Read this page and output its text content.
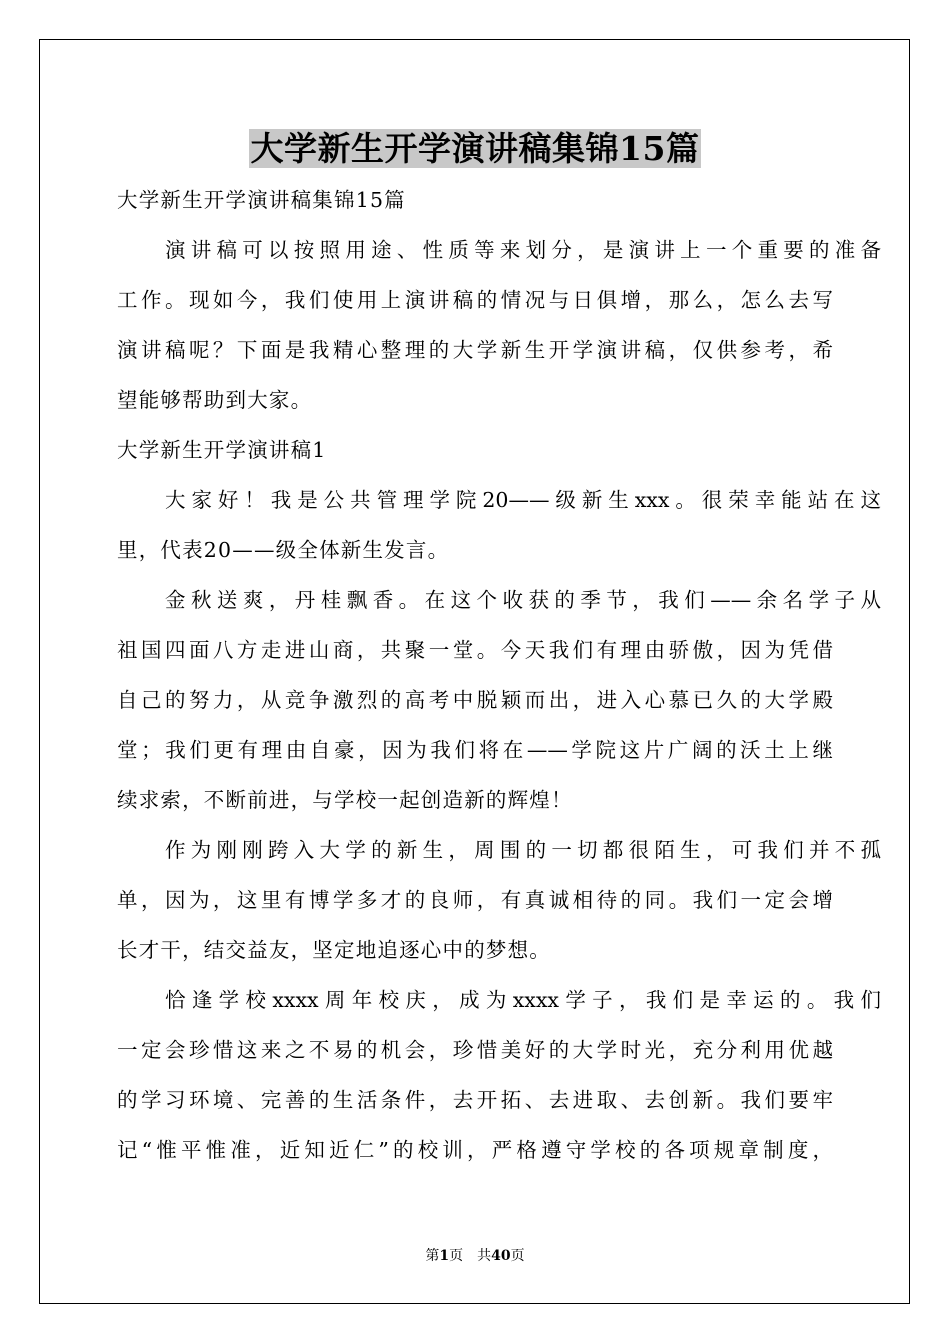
大学新生开学演讲稿集锦15篇
大学新生开学演讲稿集锦15篇
演讲稿可以按照用途、性质等来划分，是演讲上一个重要的准备
工作。现如今，我们使用上演讲稿的情况与日俱增，那么，怎么去写
演讲稿呢？下面是我精心整理的大学新生开学演讲稿，仅供参考，希
望能够帮助到大家。
大学新生开学演讲稿1
大家好！我是公共管理学院20——级新生xxx。很荣幸能站在这
里，代表20——级全体新生发言。
金秋送爽，丹桂飘香。在这个收获的季节，我们——余名学子从
祖国四面八方走进山商，共聚一堂。今天我们有理由骄傲，因为凭借
自己的努力，从竞争激烈的高考中脱颖而出，进入心慕已久的大学殿
堂；我们更有理由自豪，因为我们将在——学院这片广阔的沃土上继
续求索，不断前进，与学校一起创造新的辉煌！
作为刚刚跨入大学的新生，周围的一切都很陌生，可我们并不孤
单，因为，这里有博学多才的良师，有真诚相待的同。我们一定会增
长才干，结交益友，坚定地追逐心中的梦想。
恰逢学校xxxx周年校庆，成为xxxx学子，我们是幸运的。我们
一定会珍惜这来之不易的机会，珍惜美好的大学时光，充分利用优越
的学习环境、完善的生活条件，去开拓、去进取、去创新。我们要牢
记“惟平惟准，近知近仁”的校训，严格遵守学校的各项规章制度，
第1页　共40页
